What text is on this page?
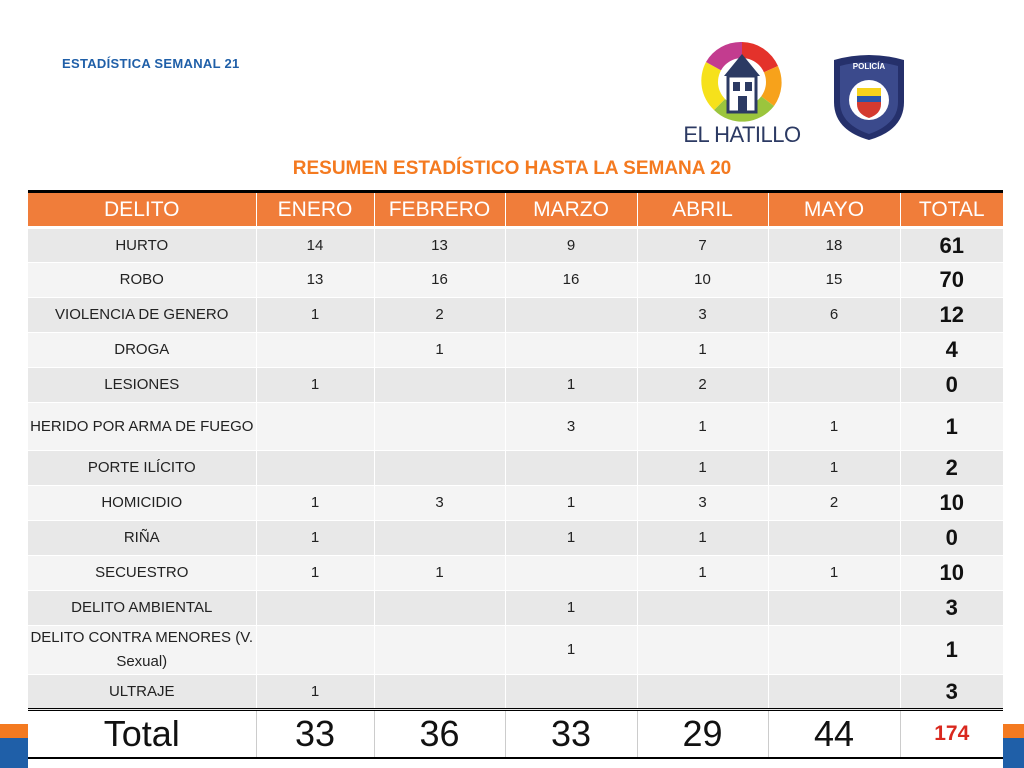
ESTADÍSTICA SEMANAL 21
EL HATILLO
POLICÍA
RESUMEN ESTADÍSTICO HASTA LA SEMANA 20
DELITO	ENERO	FEBRERO	MARZO	ABRIL	MAYO	TOTAL
HURTO	14	13	9	7	18	61
ROBO	13	16	16	10	15	70
VIOLENCIA DE GENERO	1	2		3	6	12
DROGA		1		1		4
LESIONES	1		1	2		0
HERIDO POR ARMA DE FUEGO			3	1	1	1
PORTE ILÍCITO				1	1	2
HOMICIDIO	1	3	1	3	2	10
RIÑA	1		1	1		0
SECUESTRO	1	1		1	1	10
DELITO AMBIENTAL			1			3
DELITO CONTRA MENORES (V. Sexual)			1			1
ULTRAJE	1					3
Total	33	36	33	29	44	174
